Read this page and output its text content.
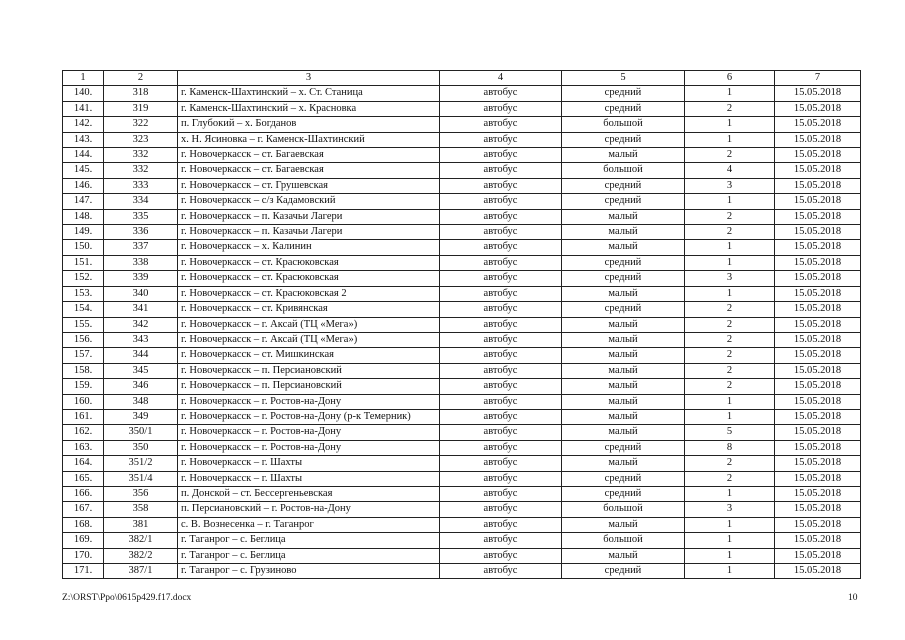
1	2	3	4	5	6	7
140.	318	г. Каменск-Шахтинский – х. Ст. Станица	автобус	средний	1	15.05.2018
141.	319	г. Каменск-Шахтинский – х. Красновка	автобус	средний	2	15.05.2018
142.	322	п. Глубокий – х. Богданов	автобус	большой	1	15.05.2018
143.	323	х. Н. Ясиновка – г. Каменск-Шахтинский	автобус	средний	1	15.05.2018
144.	332	г. Новочеркасск – ст. Багаевская	автобус	малый	2	15.05.2018
145.	332	г. Новочеркасск – ст. Багаевская	автобус	большой	4	15.05.2018
146.	333	г. Новочеркасск – ст. Грушевская	автобус	средний	3	15.05.2018
147.	334	г. Новочеркасск – с/з Кадамовский	автобус	средний	1	15.05.2018
148.	335	г. Новочеркасск – п. Казачьи Лагери	автобус	малый	2	15.05.2018
149.	336	г. Новочеркасск – п. Казачьи Лагери	автобус	малый	2	15.05.2018
150.	337	г. Новочеркасск – х. Калинин	автобус	малый	1	15.05.2018
151.	338	г. Новочеркасск – ст. Красюковская	автобус	средний	1	15.05.2018
152.	339	г. Новочеркасск – ст. Красюковская	автобус	средний	3	15.05.2018
153.	340	г. Новочеркасск – ст. Красюковская 2	автобус	малый	1	15.05.2018
154.	341	г. Новочеркасск – ст. Кривянская	автобус	средний	2	15.05.2018
155.	342	г. Новочеркасск – г. Аксай (ТЦ «Мега»)	автобус	малый	2	15.05.2018
156.	343	г. Новочеркасск – г. Аксай (ТЦ «Мега»)	автобус	малый	2	15.05.2018
157.	344	г. Новочеркасск – ст. Мишкинская	автобус	малый	2	15.05.2018
158.	345	г. Новочеркасск – п. Персиановский	автобус	малый	2	15.05.2018
159.	346	г. Новочеркасск – п. Персиановский	автобус	малый	2	15.05.2018
160.	348	г. Новочеркасск – г. Ростов-на-Дону	автобус	малый	1	15.05.2018
161.	349	г. Новочеркасск – г. Ростов-на-Дону (р-к Темерник)	автобус	малый	1	15.05.2018
162.	350/1	г. Новочеркасск – г. Ростов-на-Дону	автобус	малый	5	15.05.2018
163.	350	г. Новочеркасск – г. Ростов-на-Дону	автобус	средний	8	15.05.2018
164.	351/2	г. Новочеркасск – г. Шахты	автобус	малый	2	15.05.2018
165.	351/4	г. Новочеркасск – г. Шахты	автобус	средний	2	15.05.2018
166.	356	п. Донской – ст. Бессергеньевская	автобус	средний	1	15.05.2018
167.	358	п. Персиановский – г. Ростов-на-Дону	автобус	большой	3	15.05.2018
168.	381	с. В. Вознесенка – г. Таганрог	автобус	малый	1	15.05.2018
169.	382/1	г. Таганрог – с. Беглица	автобус	большой	1	15.05.2018
170.	382/2	г. Таганрог – с. Беглица	автобус	малый	1	15.05.2018
171.	387/1	г. Таганрог – с. Грузиново	автобус	средний	1	15.05.2018
Z:\ORST\Ppo\0615p429.f17.docx	10
